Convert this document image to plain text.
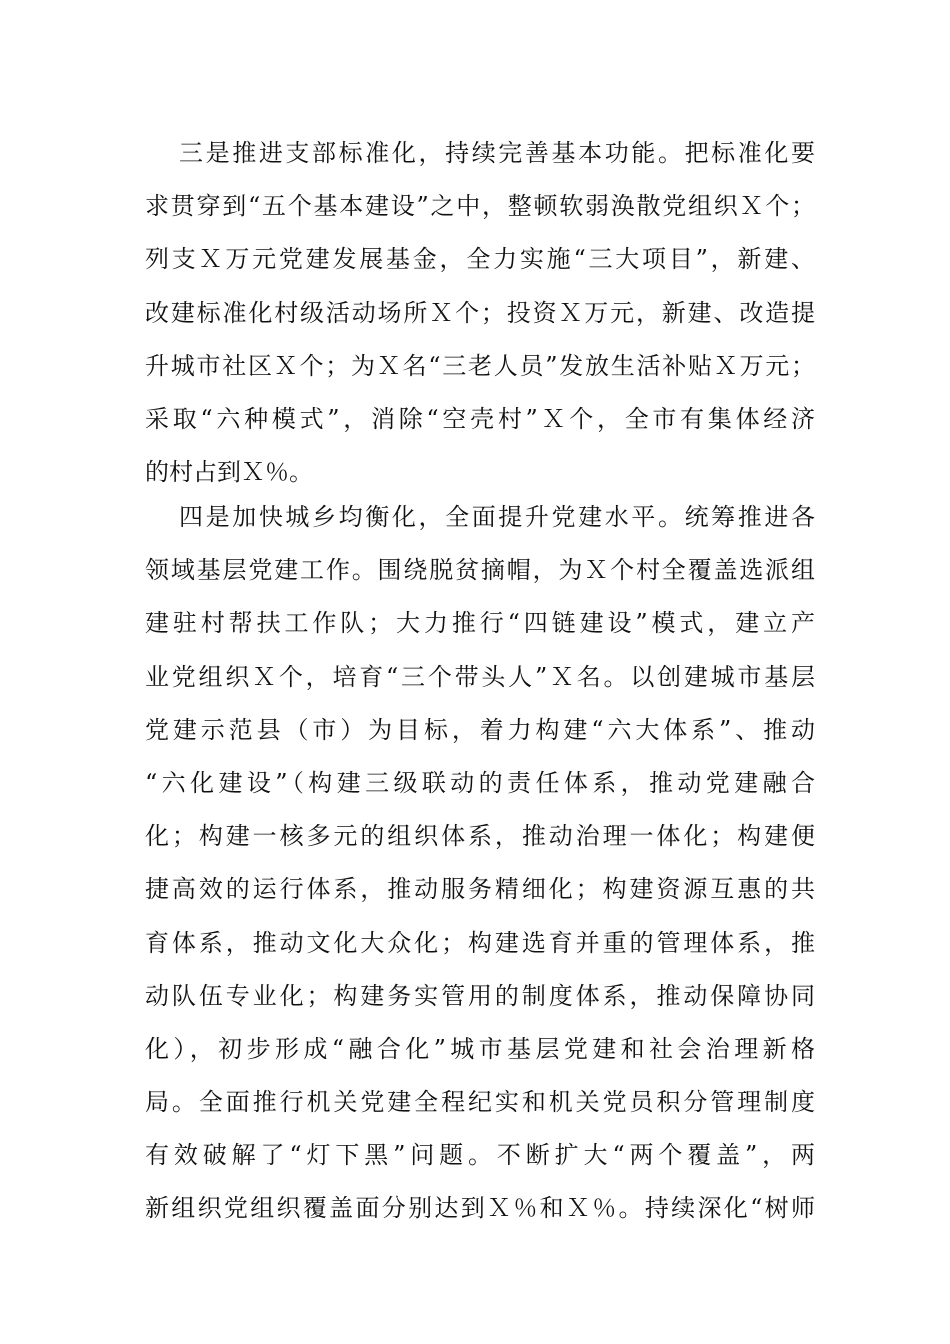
三是推进支部标准化，持续完善基本功能。把标准化要
求贯穿到“五个基本建设”之中，整顿软弱涣散党组织Ｘ个；
列支Ｘ万元党建发展基金，全力实施“三大项目”，新建、
改建标准化村级活动场所Ｘ个；投资Ｘ万元，新建、改造提
升城市社区Ｘ个；为Ｘ名“三老人员”发放生活补贴Ｘ万元；
采取“六种模式”，消除“空壳村”Ｘ个，全市有集体经济
的村占到Ｘ％。
四是加快城乡均衡化，全面提升党建水平。统筹推进各
领域基层党建工作。围绕脱贫摘帽，为Ｘ个村全覆盖选派组
建驻村帮扶工作队；大力推行“四链建设”模式，建立产
业党组织Ｘ个，培育“三个带头人”Ｘ名。以创建城市基层
党建示范县（市）为目标，着力构建“六大体系”、推动
“六化建设”（构建三级联动的责任体系，推动党建融合
化；构建一核多元的组织体系，推动治理一体化；构建便
捷高效的运行体系，推动服务精细化；构建资源互惠的共
育体系，推动文化大众化；构建选育并重的管理体系，推
动队伍专业化；构建务实管用的制度体系，推动保障协同
化），初步形成“融合化”城市基层党建和社会治理新格
局。全面推行机关党建全程纪实和机关党员积分管理制度
有效破解了“灯下黑”问题。不断扩大“两个覆盖”，两
新组织党组织覆盖面分别达到Ｘ％和Ｘ％。持续深化“树师
